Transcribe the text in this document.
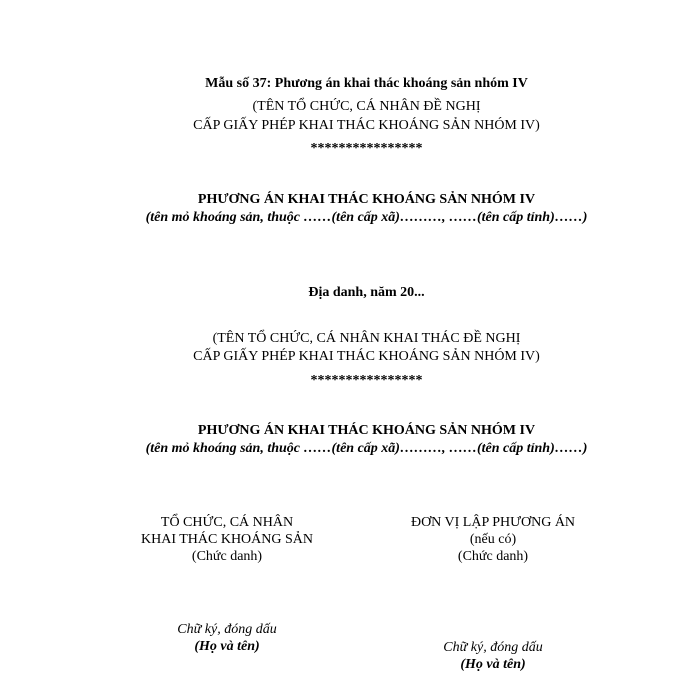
Mẫu số 37: Phương án khai thác khoáng sản nhóm IV
(TÊN TỔ CHỨC, CÁ NHÂN ĐỀ NGHỊ
CẤP GIẤY PHÉP KHAI THÁC KHOÁNG SẢN NHÓM IV)
****************
PHƯƠNG ÁN KHAI THÁC KHOÁNG SẢN NHÓM IV
(tên mỏ khoáng sản, thuộc ……(tên cấp xã)………, ……(tên cấp tỉnh)……)
Địa danh, năm 20...
(TÊN TỔ CHỨC, CÁ NHÂN KHAI THÁC ĐỀ NGHỊ
CẤP GIẤY PHÉP KHAI THÁC KHOÁNG SẢN NHÓM IV)
****************
PHƯƠNG ÁN KHAI THÁC KHOÁNG SẢN NHÓM IV
(tên mỏ khoáng sản, thuộc ……(tên cấp xã)………, ……(tên cấp tỉnh)……)
TỔ CHỨC, CÁ NHÂN
KHAI THÁC KHOÁNG SẢN
(Chức danh)
ĐƠN VỊ LẬP PHƯƠNG ÁN
(nếu có)
(Chức danh)
Chữ ký, đóng dấu
(Họ và tên)	Chữ ký, đóng dấu
(Họ và tên)
